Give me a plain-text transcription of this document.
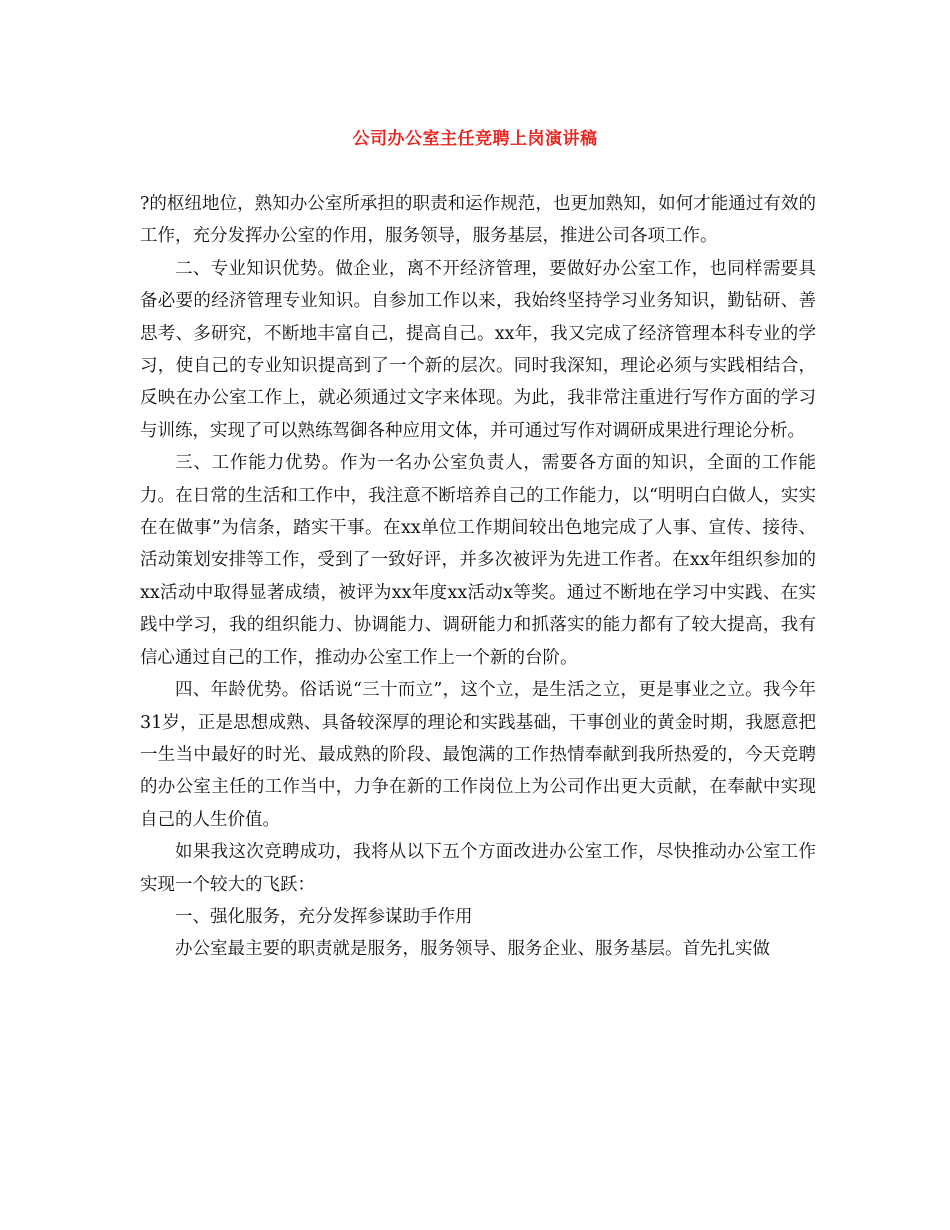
公司办公室主任竞聘上岗演讲稿

?的枢纽地位，熟知办公室所承担的职责和运作规范，也更加熟知，如何才能通过有效的工作，充分发挥办公室的作用，服务领导，服务基层，推进公司各项工作。

二、专业知识优势。做企业，离不开经济管理，要做好办公室工作，也同样需要具备必要的经济管理专业知识。自参加工作以来，我始终坚持学习业务知识，勤钻研、善思考、多研究，不断地丰富自己，提高自己。xx年，我又完成了经济管理本科专业的学习，使自己的专业知识提高到了一个新的层次。同时我深知，理论必须与实践相结合，反映在办公室工作上，就必须通过文字来体现。为此，我非常注重进行写作方面的学习与训练，实现了可以熟练驾御各种应用文体，并可通过写作对调研成果进行理论分析。

三、工作能力优势。作为一名办公室负责人，需要各方面的知识，全面的工作能力。在日常的生活和工作中，我注意不断培养自己的工作能力，以“明明白白做人，实实在在做事”为信条，踏实干事。在xx单位工作期间较出色地完成了人事、宣传、接待、活动策划安排等工作，受到了一致好评，并多次被评为先进工作者。在xx年组织参加的xx活动中取得显著成绩，被评为xx年度xx活动x等奖。通过不断地在学习中实践、在实践中学习，我的组织能力、协调能力、调研能力和抓落实的能力都有了较大提高，我有信心通过自己的工作，推动办公室工作上一个新的台阶。

四、年龄优势。俗话说“三十而立”，这个立，是生活之立，更是事业之立。我今年31岁，正是思想成熟、具备较深厚的理论和实践基础，干事创业的黄金时期，我愿意把一生当中最好的时光、最成熟的阶段、最饱满的工作热情奉献到我所热爱的，今天竞聘的办公室主任的工作当中，力争在新的工作岗位上为公司作出更大贡献，在奉献中实现自己的人生价值。

如果我这次竞聘成功，我将从以下五个方面改进办公室工作，尽快推动办公室工作实现一个较大的飞跃：

一、强化服务，充分发挥参谋助手作用

办公室最主要的职责就是服务，服务领导、服务企业、服务基层。首先扎实做
